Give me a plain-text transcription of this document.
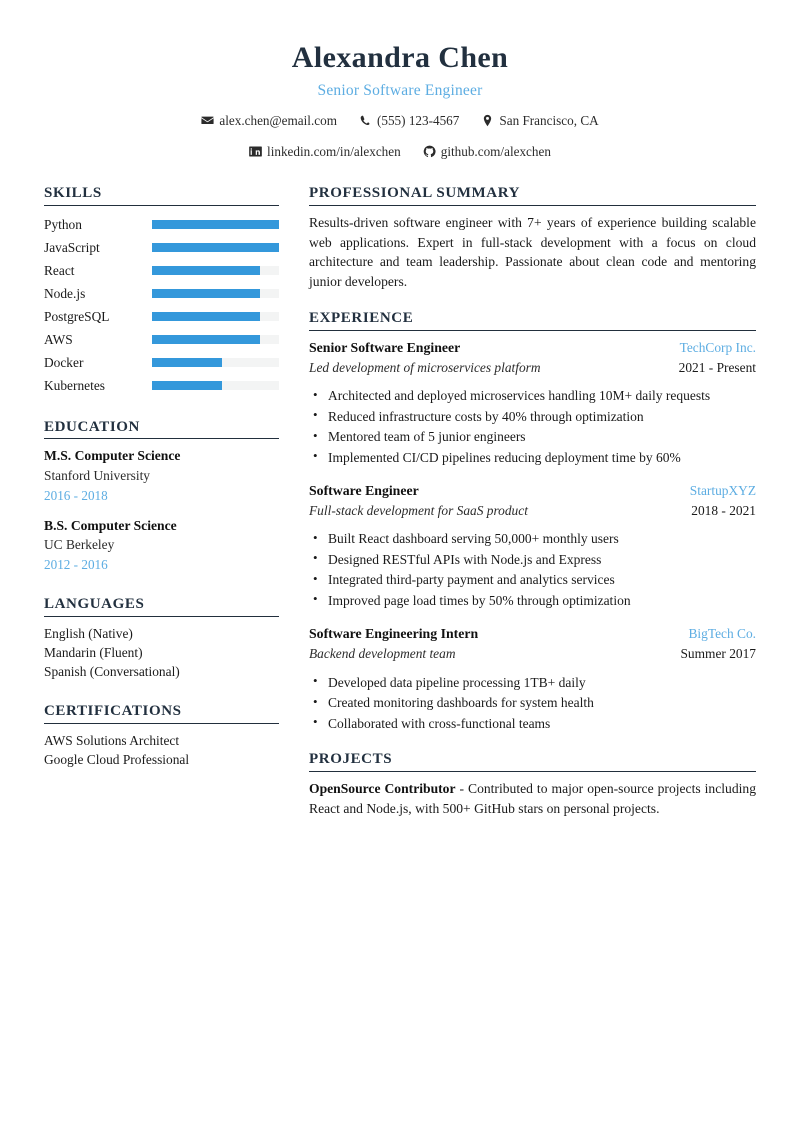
Alexandra Chen
Senior Software Engineer
alex.chen@email.com	(555) 123-4567	San Francisco, CA
linkedin.com/in/alexchen	github.com/alexchen
SKILLS
Python
JavaScript
React
Node.js
PostgreSQL
AWS
Docker
Kubernetes
EDUCATION
M.S. Computer Science
Stanford University
2016 - 2018
B.S. Computer Science
UC Berkeley
2012 - 2016
LANGUAGES
English (Native)
Mandarin (Fluent)
Spanish (Conversational)
CERTIFICATIONS
AWS Solutions Architect
Google Cloud Professional
PROFESSIONAL SUMMARY

Results-driven software engineer with 7+ years of experience building scalable web applications. Expert in full-stack development with a focus on cloud architecture and team leadership. Passionate about clean code and mentoring junior developers.

EXPERIENCE
Senior Software Engineer	TechCorp Inc.
Led development of microservices platform	2021 - Present
• Architected and deployed microservices handling 10M+ daily requests
• Reduced infrastructure costs by 40% through optimization
• Mentored team of 5 junior engineers
• Implemented CI/CD pipelines reducing deployment time by 60%
Software Engineer	StartupXYZ
Full-stack development for SaaS product	2018 - 2021
• Built React dashboard serving 50,000+ monthly users
• Designed RESTful APIs with Node.js and Express
• Integrated third-party payment and analytics services
• Improved page load times by 50% through optimization
Software Engineering Intern	BigTech Co.
Backend development team	Summer 2017
• Developed data pipeline processing 1TB+ daily
• Created monitoring dashboards for system health
• Collaborated with cross-functional teams
PROJECTS
OpenSource Contributor - Contributed to major open-source projects including React and Node.js, with 500+ GitHub stars on personal projects.
